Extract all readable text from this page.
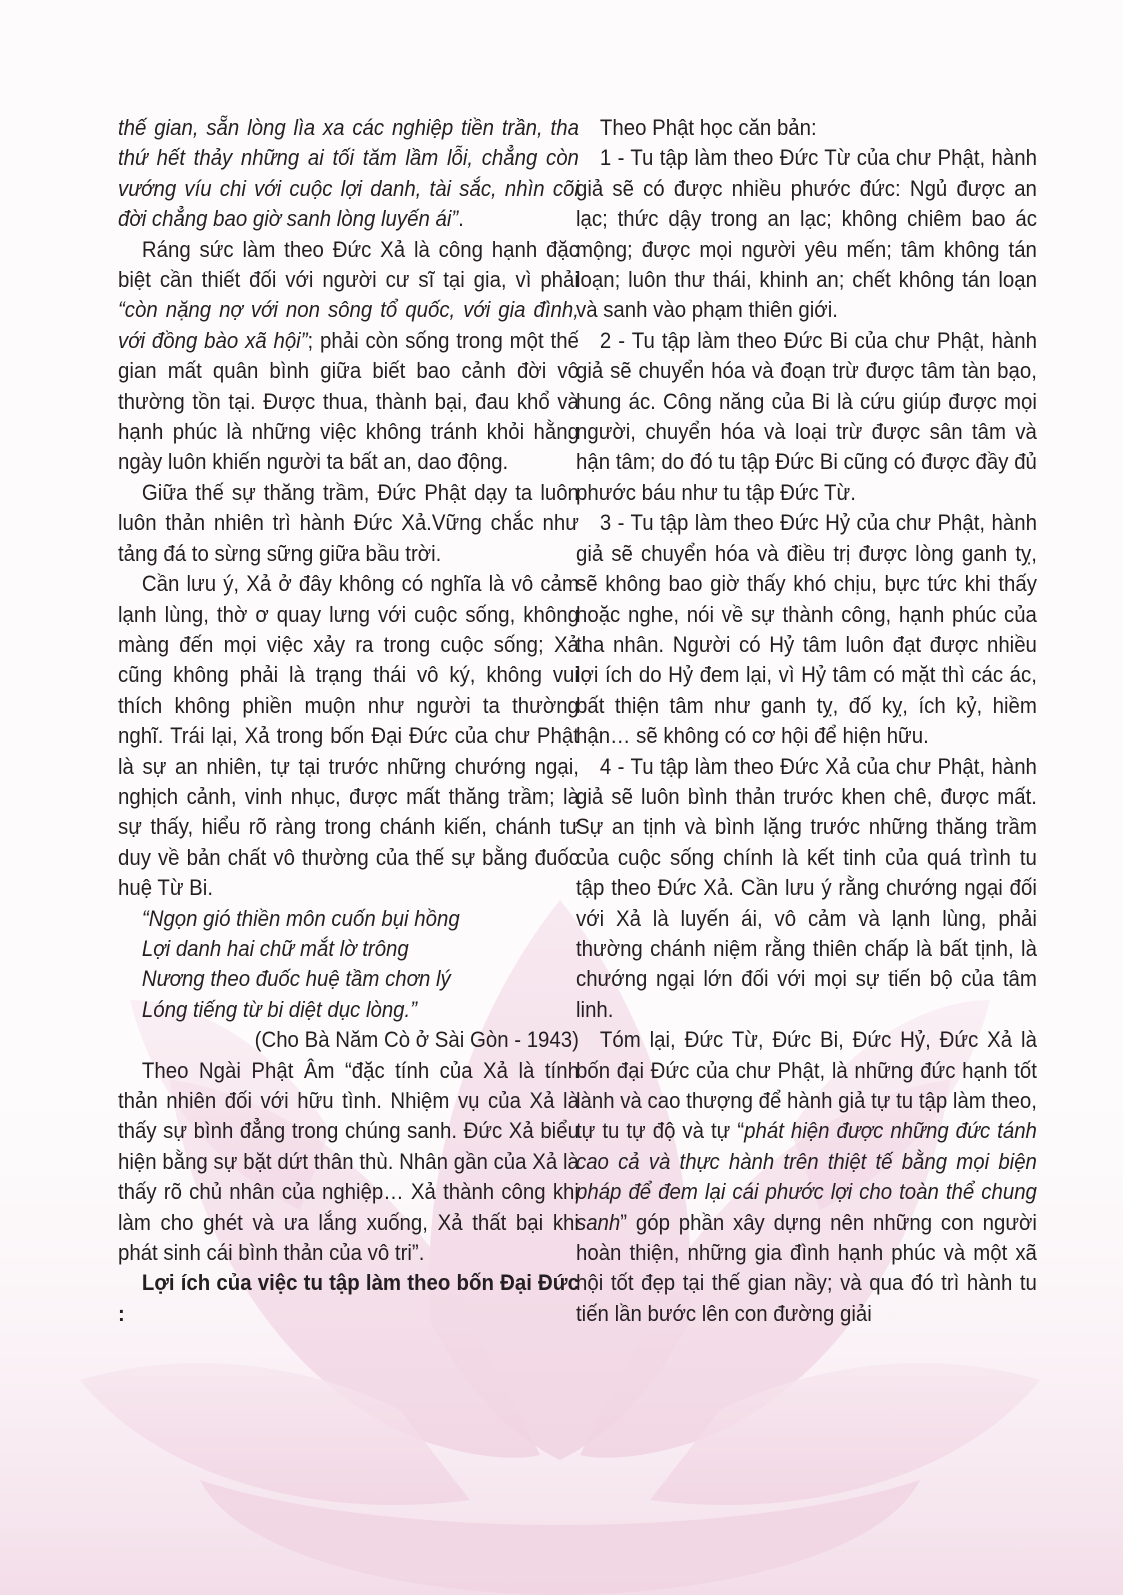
thế gian, sẵn lòng lìa xa các nghiệp tiền trần, tha thứ hết thảy những ai tối tăm lầm lỗi, chẳng còn vướng víu chi với cuộc lợi danh, tài sắc, nhìn cõi đời chẳng bao giờ sanh lòng luyến ái”.

Ráng sức làm theo Đức Xả là công hạnh đặc biệt cần thiết đối với người cư sĩ tại gia, vì phải “còn nặng nợ với non sông tổ quốc, với gia đình, với đồng bào xã hội”; phải còn sống trong một thế gian mất quân bình giữa biết bao cảnh đời vô thường tồn tại. Được thua, thành bại, đau khổ và hạnh phúc là những việc không tránh khỏi hằng ngày luôn khiến người ta bất an, dao động.

Giữa thế sự thăng trầm, Đức Phật dạy ta luôn luôn thản nhiên trì hành Đức Xả.Vững chắc như tảng đá to sừng sững giữa bầu trời.

Cần lưu ý, Xả ở đây không có nghĩa là vô cảm lạnh lùng, thờ ơ quay lưng với cuộc sống, không màng đến mọi việc xảy ra trong cuộc sống; Xả cũng không phải là trạng thái vô ký, không vui thích không phiền muộn như người ta thường nghĩ. Trái lại, Xả trong bốn Đại Đức của chư Phật là sự an nhiên, tự tại trước những chướng ngại, nghịch cảnh, vinh nhục, được mất thăng trầm; là sự thấy, hiểu rõ ràng trong chánh kiến, chánh tư duy về bản chất vô thường của thế sự bằng đuốc huệ Từ Bi.

“Ngọn gió thiền môn cuốn bụi hồng
Lợi danh hai chữ mắt lờ trông
Nương theo đuốc huệ tầm chơn lý
Lóng tiếng từ bi diệt dục lòng.”
(Cho Bà Năm Cò ở Sài Gòn - 1943)

Theo Ngài Phật Âm “đặc tính của Xả là tính thản nhiên đối với hữu tình. Nhiệm vụ của Xả là thấy sự bình đẳng trong chúng sanh. Đức Xả biểu hiện bằng sự bặt dứt thân thù. Nhân gần của Xả là thấy rõ chủ nhân của nghiệp… Xả thành công khi làm cho ghét và ưa lắng xuống, Xả thất bại khi phát sinh cái bình thản của vô tri”.

Lợi ích của việc tu tập làm theo bốn Đại Đức :

Theo Phật học căn bản:

1 - Tu tập làm theo Đức Từ của chư Phật, hành giả sẽ có được nhiều phước đức: Ngủ được an lạc; thức dậy trong an lạc; không chiêm bao ác mộng; được mọi người yêu mến; tâm không tán loạn; luôn thư thái, khinh an; chết không tán loạn và sanh vào phạm thiên giới.

2 - Tu tập làm theo Đức Bi của chư Phật, hành giả sẽ chuyển hóa và đoạn trừ được tâm tàn bạo, hung ác. Công năng của Bi là cứu giúp được mọi người, chuyển hóa và loại trừ được sân tâm và hận tâm; do đó tu tập Đức Bi cũng có được đầy đủ phước báu như tu tập Đức Từ.

3 - Tu tập làm theo Đức Hỷ của chư Phật, hành giả sẽ chuyển hóa và điều trị được lòng ganh tỵ, sẽ không bao giờ thấy khó chịu, bực tức khi thấy hoặc nghe, nói về sự thành công, hạnh phúc của tha nhân. Người có Hỷ tâm luôn đạt được nhiều lợi ích do Hỷ đem lại, vì Hỷ tâm có mặt thì các ác, bất thiện tâm như ganh tỵ, đố kỵ, ích kỷ, hiềm hận… sẽ không có cơ hội để hiện hữu.

4 - Tu tập làm theo Đức Xả của chư Phật, hành giả sẽ luôn bình thản trước khen chê, được mất. Sự an tịnh và bình lặng trước những thăng trầm của cuộc sống chính là kết tinh của quá trình tu tập theo Đức Xả. Cần lưu ý rằng chướng ngại đối với Xả là luyến ái, vô cảm và lạnh lùng, phải thường chánh niệm rằng thiên chấp là bất tịnh, là chướng ngại lớn đối với mọi sự tiến bộ của tâm linh.

Tóm lại, Đức Từ, Đức Bi, Đức Hỷ, Đức Xả là bốn đại Đức của chư Phật, là những đức hạnh tốt lành và cao thượng để hành giả tự tu tập làm theo, tự tu tự độ và tự “phát hiện được những đức tánh cao cả và thực hành trên thiệt tế bằng mọi biện pháp để đem lại cái phước lợi cho toàn thể chung sanh” góp phần xây dựng nên những con người hoàn thiện, những gia đình hạnh phúc và một xã hội tốt đẹp tại thế gian nầy; và qua đó trì hành tu tiến lần bước lên con đường giải
